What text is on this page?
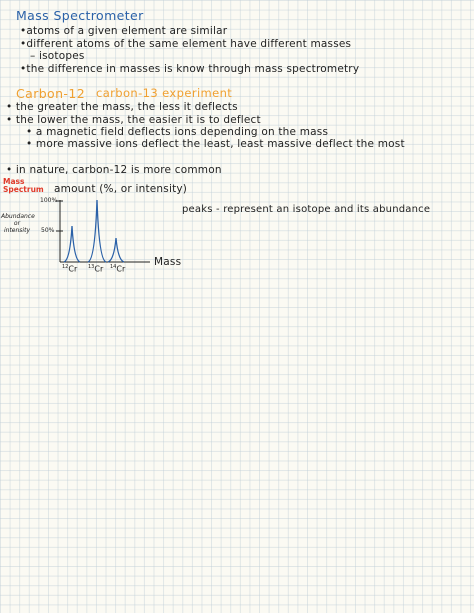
Mass Spectrometer
•atoms of a given element are similar
•different atoms of the same element have different masses
– isotopes
•the difference in masses is know through mass spectrometry
Carbon-12 carbon-13 experiment
• the greater the mass, the less it deflects
• the lower the mass, the easier it is to deflect
• a magnetic field deflects ions depending on the mass
• more massive ions deflect the least, least massive deflect the most
• in nature, carbon-12 is more common
Mass Spectrum amount (%, or intensity)
Abundance or intensity
100%
50%
$^{12}$Cr $^{13}$Cr $^{14}$Cr
Mass
peaks - represent an isotope and its abundance
